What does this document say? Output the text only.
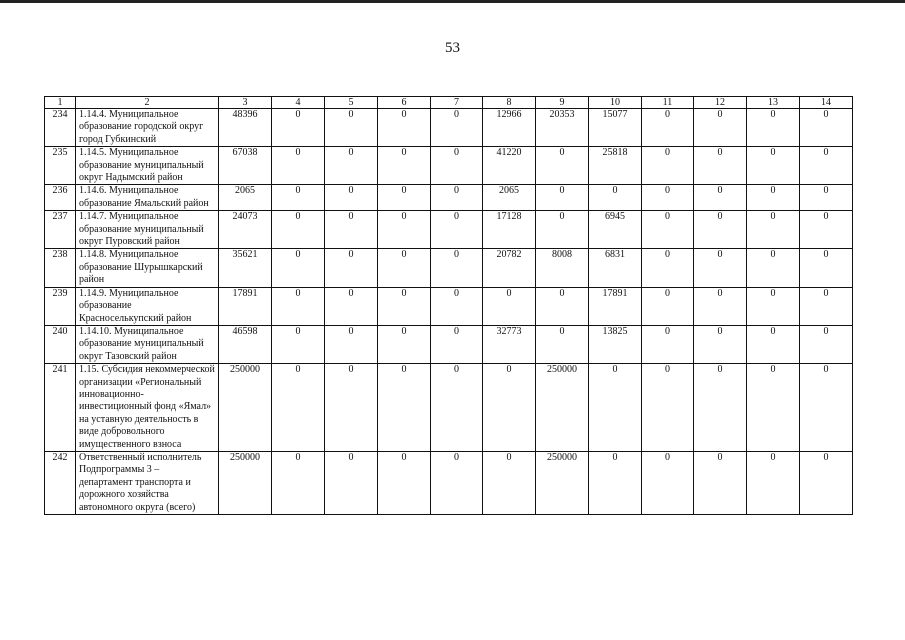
53
1	2	3	4	5	6	7	8	9	10	11	12	13	14
234	1.14.4. Муниципальное образование городской округ город Губкинский	48396	0	0	0	0	12966	20353	15077	0	0	0	0
235	1.14.5. Муниципальное образование муниципальный округ Надымский район	67038	0	0	0	0	41220	0	25818	0	0	0	0
236	1.14.6. Муниципальное образование Ямальский район	2065	0	0	0	0	2065	0	0	0	0	0	0
237	1.14.7. Муниципальное образование муниципальный округ Пуровский район	24073	0	0	0	0	17128	0	6945	0	0	0	0
238	1.14.8. Муниципальное образование Шурышкарский район	35621	0	0	0	0	20782	8008	6831	0	0	0	0
239	1.14.9. Муниципальное образование Красноселькупский район	17891	0	0	0	0	0	0	17891	0	0	0	0
240	1.14.10. Муниципальное образование муниципальный округ Тазовский район	46598	0	0	0	0	32773	0	13825	0	0	0	0
241	1.15. Субсидия некоммерческой организации «Региональный инновационно-инвестиционный фонд «Ямал» на уставную деятельность в виде добровольного имущественного взноса	250000	0	0	0	0	0	250000	0	0	0	0	0
242	Ответственный исполнитель Подпрограммы 3 – департамент транспорта и дорожного хозяйства автономного округа (всего)	250000	0	0	0	0	0	250000	0	0	0	0	0
